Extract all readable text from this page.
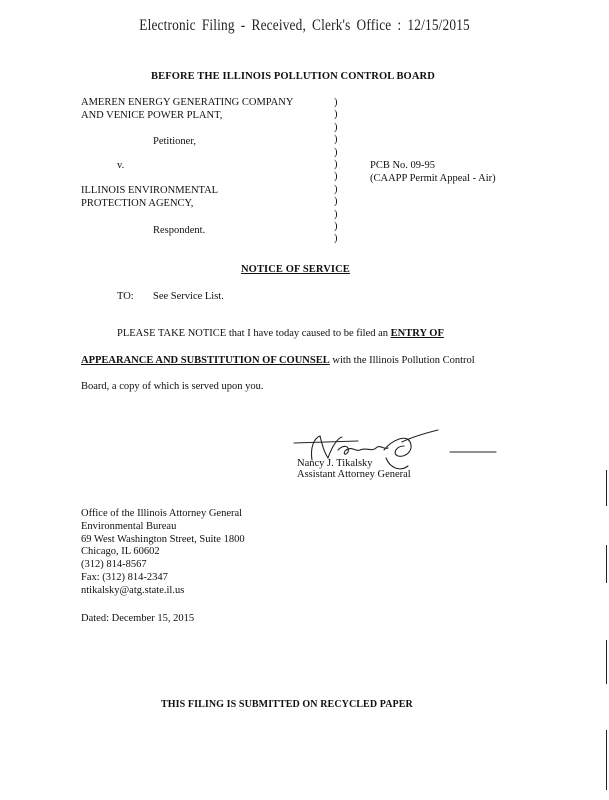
Electronic Filing - Received, Clerk's Office : 12/15/2015
BEFORE THE ILLINOIS POLLUTION CONTROL BOARD
AMEREN ENERGY GENERATING COMPANY
AND VENICE POWER PLANT,
Petitioner,
v.
ILLINOIS ENVIRONMENTAL
PROTECTION AGENCY,
Respondent.
)
)
)
)
)
)
)
)
)
)
)
)
PCB No. 09-95
(CAAPP Permit Appeal - Air)
NOTICE OF SERVICE
TO: See Service List.
PLEASE TAKE NOTICE that I have today caused to be filed an ENTRY OF
APPEARANCE AND SUBSTITUTION OF COUNSEL with the Illinois Pollution Control
Board, a copy of which is served upon you.
Nancy J. Tikalsky
Assistant Attorney General
Office of the Illinois Attorney General
Environmental Bureau
69 West Washington Street, Suite 1800
Chicago, IL 60602
(312) 814-8567
Fax: (312) 814-2347
ntikalsky@atg.state.il.us
Dated: December 15, 2015
THIS FILING IS SUBMITTED ON RECYCLED PAPER
